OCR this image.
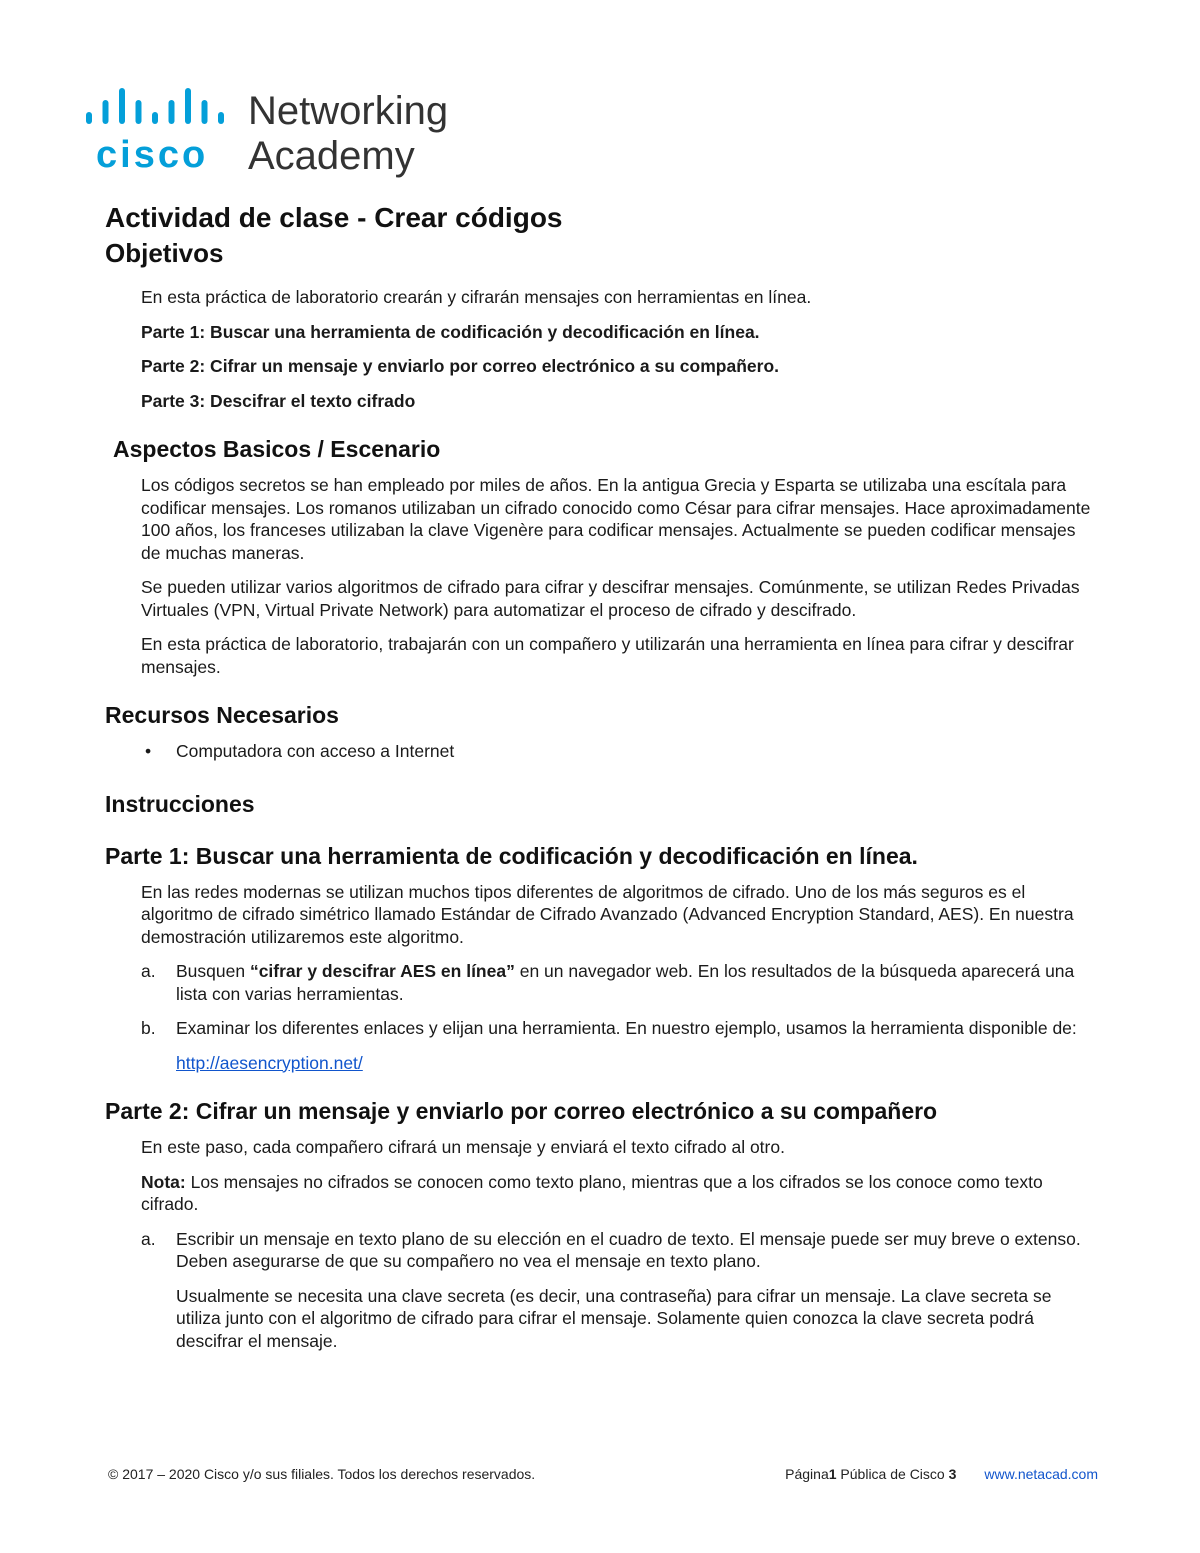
cisco
Networking
Academy
Actividad de clase - Crear códigos
Objetivos

En esta práctica de laboratorio crearán y cifrarán mensajes con herramientas en línea.

Parte 1: Buscar una herramienta de codificación y decodificación en línea.

Parte 2: Cifrar un mensaje y enviarlo por correo electrónico a su compañero.

Parte 3: Descifrar el texto cifrado

Aspectos Basicos / Escenario

Los códigos secretos se han empleado por miles de años. En la antigua Grecia y Esparta se utilizaba una escítala para codificar mensajes. Los romanos utilizaban un cifrado conocido como César para cifrar mensajes. Hace aproximadamente 100 años, los franceses utilizaban la clave Vigenère para codificar mensajes. Actualmente se pueden codificar mensajes de muchas maneras.

Se pueden utilizar varios algoritmos de cifrado para cifrar y descifrar mensajes. Comúnmente, se utilizan Redes Privadas Virtuales (VPN, Virtual Private Network) para automatizar el proceso de cifrado y descifrado.

En esta práctica de laboratorio, trabajarán con un compañero y utilizarán una herramienta en línea para cifrar y descifrar mensajes.

Recursos Necesarios
• Computadora con acceso a Internet
Instrucciones
Parte 1: Buscar una herramienta de codificación y decodificación en línea.

En las redes modernas se utilizan muchos tipos diferentes de algoritmos de cifrado. Uno de los más seguros es el algoritmo de cifrado simétrico llamado Estándar de Cifrado Avanzado (Advanced Encryption Standard, AES). En nuestra demostración utilizaremos este algoritmo.

a. Busquen “cifrar y descifrar AES en línea” en un navegador web. En los resultados de la búsqueda aparecerá una lista con varias herramientas.
b. Examinar los diferentes enlaces y elijan una herramienta. En nuestro ejemplo, usamos la herramienta disponible de:
http://aesencryption.net/
Parte 2: Cifrar un mensaje y enviarlo por correo electrónico a su compañero

En este paso, cada compañero cifrará un mensaje y enviará el texto cifrado al otro.

Nota: Los mensajes no cifrados se conocen como texto plano, mientras que a los cifrados se los conoce como texto cifrado.

a. Escribir un mensaje en texto plano de su elección en el cuadro de texto. El mensaje puede ser muy breve o extenso. Deben asegurarse de que su compañero no vea el mensaje en texto plano.
Usualmente se necesita una clave secreta (es decir, una contraseña) para cifrar un mensaje. La clave secreta se utiliza junto con el algoritmo de cifrado para cifrar el mensaje. Solamente quien conozca la clave secreta podrá descifrar el mensaje.
© 2017 – 2020 Cisco y/o sus filiales. Todos los derechos reservados.	Página1 Pública de Cisco 3 www.netacad.com
